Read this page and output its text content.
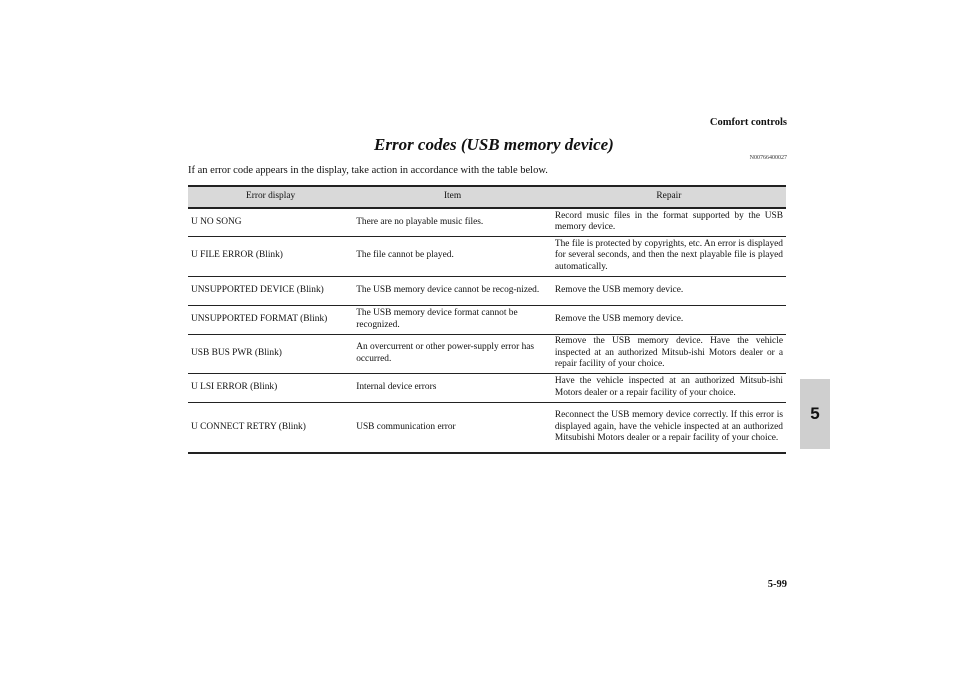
Comfort controls
Error codes (USB memory device)
N00766400027
If an error code appears in the display, take action in accordance with the table below.
Error display	Item	Repair
U NO SONG	There are no playable music files.	Record music files in the format supported by the USB memory device.
U FILE ERROR (Blink)	The file cannot be played.	The file is protected by copyrights, etc. An error is displayed for several seconds, and then the next playable file is played automatically.
UNSUPPORTED DEVICE (Blink)	The USB memory device cannot be recog-nized.	Remove the USB memory device.
UNSUPPORTED FORMAT (Blink)	The USB memory device format cannot be recognized.	Remove the USB memory device.
USB BUS PWR (Blink)	An overcurrent or other power-supply error has occurred.	Remove the USB memory device. Have the vehicle inspected at an authorized Mitsub-ishi Motors dealer or a repair facility of your choice.
U LSI ERROR (Blink)	Internal device errors	Have the vehicle inspected at an authorized Mitsub-ishi Motors dealer or a repair facility of your choice.
U CONNECT RETRY (Blink)	USB communication error	Reconnect the USB memory device correctly. If this error is displayed again, have the vehicle inspected at an authorized Mitsubishi Motors dealer or a repair facility of your choice.
5
5-99
